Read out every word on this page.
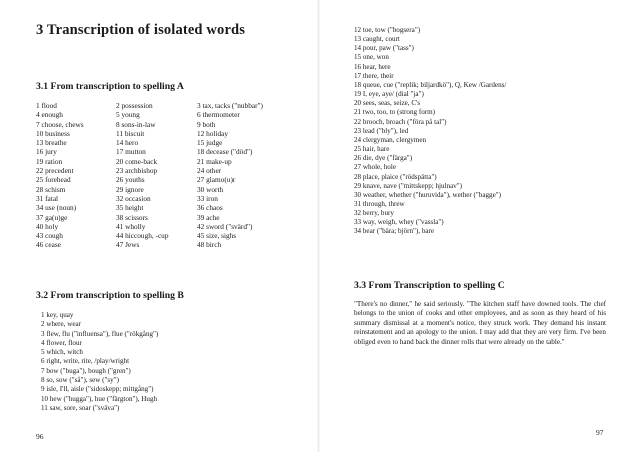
3 Transcription of isolated words
3.1 From transcription to spelling A
1 flood	2 possession	3 tax, tacks ("nubbar")
4 enough	5 young	6 thermometer
7 choose, chews	8 sons-in-law	9 both
10 business	11 biscuit	12 holiday
13 breathe	14 hero	15 judge
16 jury	17 mutton	18 decease ("död")
19 ration	20 come-back	21 make-up
22 precedent	23 archbishop	24 other
25 forehead	26 youths	27 glamo(u)r
28 schism	29 ignore	30 worth
31 fatal	32 occasion	33 iron
34 use (noun)	35 height	36 chaos
37 ga(u)ge	38 scissors	39 ache
40 holy	41 wholly	42 sword ("svärd")
43 cough	44 hiccough, -cup	45 size, sighs
46 cease	47 Jews	48 birch
3.2 From transcription to spelling B
1 key, quay
2 where, wear
3 flew, flu ("influensa"), flue ("rökgång")
4 flower, flour
5 which, witch
6 right, write, rite, /play/wright
7 bow ("buga"), bough ("gren")
8 so, sow ("så"), sew ("sy")
9 isle, I'll, aisle ("sidoskepp; mittgång")
10 hew ("hugga"), hue ("färgton"), Hugh
11 saw, sore, soar ("sväva")

96

12 toe, tow ("bogsera")
13 caught, court
14 pour, paw ("tass")
15 one, won
16 hear, here
17 there, their
18 queue, cue ("replik; biljardkö"), Q, Kew /Gardens/
19 I, eye, aye/ (dial "ja")
20 sees, seas, seize, C's
21 two, too, to (strong form)
22 brooch, broach ("föra på tal")
23 lead ("bly"), led
24 clergyman, clergymen
25 hair, hare
26 die, dye ("färga")
27 whole, hole
28 place, plaice ("rödspätta")
29 knave, nave ("mittskepp; hjulnav")
30 weather, whether ("huruvida"), wether ("bagge")
31 through, threw
32 berry, bury
33 way, weigh, whey ("vassla")
34 bear ("bära; björn"), bare
3.3 From Transcription to spelling C

"There's no dinner," he said seriously. "The kitchen staff have downed tools. The chef belongs to the union of cooks and other employees, and as soon as they heard of his summary dismissal at a moment's notice, they struck work. They demand his instant reinstatement and an apology to the union. I may add that they are very firm. I've been obliged even to hand back the dinner rolls that were already on the table."

97
